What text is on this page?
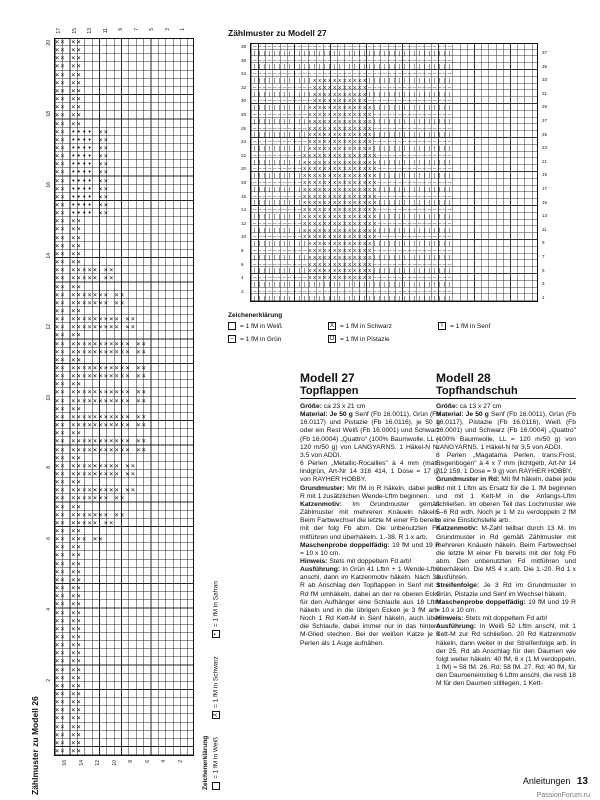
17 15 13 11 9 7 5 3 1
20
18
16
14
12
10
8
6
4
2
×× ××
×× ××
×× ××
×× ××
×× ××
×× ××
×× ××
×× ××
×× ××
×× ××
×× ××
×× •••• ××
×× •••• ××
×× •••• ××
×× •••• ××
×× •••• ××
×× •••• ××
×× •••• ××
×× •••• ××
×× •••• ××
×× •••• ××
×× •••• ××
×× ××
×× ××
×× ××
×× ××
×× ××
×× ××
×× ××××× ××
×× ××××× ××
×× ××
×× ××××××× ××
×× ××××××× ××
×× ××
×× ××××××××× ××
×× ××××××××× ××
×× ××
×× ××××××××××× ××
×× ××××××××××× ××
×× ××
×× ××××××××××× ××
×× ××××××××××× ××
×× ××
×× ××××××××××× ××
×× ××××××××××× ××
×× ××
×× ××××××××××× ××
×× ××××××××××× ××
×× ××
×× ××××××××××× ××
×× ××××××××××× ××
×× ××
×× ××××××××× ××
×× ××××××××× ××
×× ××
×× ××××××××× ××
×× ××××××× ××
×× ××
×× ××××××× ××
×× ××××× ××
×× ××
×× ××× ××
×× ××
×× ××
×× ××
×× ××
×× ××
×× ××
×× ××
×× ××
×× ××
×× ××
×× ××
×× ××
×× ××
×× ××
×× ××
×× ××
×× ××
×× ××
×× ××
×× ××
×× ××
×× ××
×× ××
×× ××
×× ××
×× ××
16 14 12 10 8 6 4 2
Zählmuster zu Modell 26	Zeichenerklärung = 1 fM in Weiß
X= 1 fM in Schwarz
•= 1 fM in Safran
Zählmuster zu Modell 27
38
36
34
32
30
28
26
24
22
20
18
16
14
12
10
8
6
4
2
––––––––––––––––––––––––––––––––––––––––
||||||||||||||||||||||||||||||||||||||||
––––––––––––––––––––––––––––––––––––––––
||||||||||||||||||||||||||||||||||||||||
––––––––––––––––––––––––––––––––––––––––
||||||||||||xxxxxxxxxxx|||||||||||||||||
––––––––––––xxxxxxxxxxx–––––––––––––––––
||||||||||||xxxxxxxxxxx|||||||||||||||||
––––––––––––xxxxxxxxxxx–––––––––––––––––
|||||||||||xxxxxxxxxxxxx||||||||||||||||
–––––––––––xxxxxxxxxxxxx––––––––––––––––
|||||||||||xxxxxxxxxxxxx||||||||||||||||
–––––––––––xxxxxxxxxxxxx––––––––––––––––
|||||||||||xxxxxxxxxxxxx||||||||||||||||
–––––––––––xxxxxxxxxxxxx––––––––––––––––
|||||||||||xxxxxxxxxxxxx||||||||||||||||
––––––––––xxxxxxxxxxxxxxx–––––––––––––––
||||||||||xxxxxxxxxxxxxxx|||||||||||||||
––––––––––xxxxxxxxxxxxxxx–––––––––––––––
||||||||||xxxxxxxxxxxxxxx|||||||||||||||
––––––––––xxxxxxxxxxxxxxx–––––––––––––––
||||||||||xxxxxxxxxxxxxxx|||||||||||||||
––––––––––xxxxxxxxxxxxxxx–––––––––––––––
||||||||||xxxxxxxxxxxxxxx|||||||||||||||
––––––––––xxxxxxxxxxxxxxx–––––––––––––––
||||||||||xxxxxxxxxxxxxxx|||||||||||||||
––––––––––xxxxxxxxxxxxxxx–––––––––––––––
||||||||||xxxxxxxxxxxxxxx|||||||||||||||
––––––––––xxxxxxxxxxxxxxx–––––––––––––––
|||||||||||xxxxxxxxxxxxx||||||||||||||||
–––––––––––xxxxxxxxxxxxx––––––––––––––––
|||||||||||xxxxxxxxxxxxx||||||||||||||||
–––––––––––xxxxxxxxxxxxx––––––––––––––––
|||||||||||xxxxxxxxxxxxx||||||||||||||||
–––––––––––xxxxxxxxxxxxx––––––––––––––––
||||||||||||||||||||||||||||||||||||||||
––––––––––––––––––––––––––––––––––––––––
||||||||||||||||||||||||||||||||||||||||
37
35
33
31
29
27
25
23
21
19
17
15
13
11
9
7
5
3
1
Zeichenerklärung
= 1 fM in Weiß	X = 1 fM in Schwarz	I	= 1 fM in Senf
– = 1 fM in Grün	O = 1 fM in Pistazie
Modell 27
Topflappen

Größe: ca 23 x 21 cm

Material: Je 50 g Senf (Fb 16.0011), Grün (Fb 16.0117) und Pistazie (Fb 16.0116), je 50 g oder ein Rest Weiß (Fb 16.0001) und Schwarz (Fb 16.0004) „Quattro" (100% Baumwolle, LL = 120 m/50 g) von LANGYARNS. 1 Häkel-N Nr 3,5 von ADDI.

6 Perlen „Metallic-Rocailles" à 4 mm (matt, lindgrün, Art-Nr 14 316 414, 1 Dose = 17 g) von RAYHER HOBBY.

Grundmuster: Mit fM in R häkeln, dabei jede R mit 1 zusätzlichen Wende-Lftm beginnen.

Katzenmotiv: Im Grundmuster gemäß Zählmuster mit mehreren Knäueln häkeln. Beim Farbwechsel die letzte M einer Fb bereits mit der folg Fb abm. Die unbenutzten Fd mitführen und überhäkeln. 1.-38. R 1 x arb.

Maschenprobe doppelfädig: 19 fM und 19 R = 10 x 10 cm.

Hinweis: Stets mit doppeltem Fd arb!

Ausführung: In Grün 41 Lftm + 1 Wende-Lftm anschl, dann im Katzenmotiv häkeln. Nach 38 R ab Anschlag den Topflappen in Senf mit 1 Rd fM umhäkeln, dabei an der re oberen Ecke für den Aufhänger eine Schlaufe aus 18 Lftm häkeln und in die übrigen Ecken je 3 fM arb. Noch 1 Rd Kett-M in Senf häkeln, auch über die Schlaufe, dabei immer nur in das hintere M-Glied stechen. Bei der weißen Katze je 3 Perlen als 1 Auge aufnähen.

Modell 28
Topfhandschuh

Größe: ca 13 x 27 cm

Material: Je 50 g Senf (Fb 16.0011), Grün (Fb 16.0117), Pistazie (Fb 16.0116), Weiß (Fb 16.0001) und Schwarz (Fb 16.0004) „Quattro" (100% Baumwolle, LL = 120 m/50 g) von LANGYARNS. 1 Häkel-N Nr 3,5 von ADDI.

8 Perlen „Magatama Perlen, trans.Frost, Regenbogen" à 4 x 7 mm (lichtgelb, Art-Nr 14 712 159, 1 Dose = 9 g) von RAYHER HOBBY.

Grundmuster in Rd: Mit fM häkeln, dabei jede Rd mit 1 Lftm als Ersatz für die 1. fM beginnen und mit 1 Kett-M in die Anfangs-Lftm schließen. Im oberen Teil das Lochmuster wie 5–6 Rd wdh. Noch je 1 M zu verdoppeln 2 fM in eine Einstichstelle arb.

Katzenmotiv: M-Zahl teilbar durch 13 M. Im Grundmuster in Rd gemäß Zählmuster mit mehreren Knäueln häkeln. Beim Farbwechsel die letzte M einer Fb bereits mit der folg Fb abm. Den unbenutzten Fd mitführen und überhäkeln. Die MS 4 x arb. Die 1.-20. Rd 1 x ausführen.

Streifenfolge: Je 3 Rd im Grundmuster in Grün, Pistazie und Senf im Wechsel häkeln.

Maschenprobe doppelfädig: 19 fM und 19 R = 10 x 10 cm.

Hinweis: Stets mit doppeltem Fd arb!

Ausführung: In Weiß 52 Lftm anschl, mit 1 Kett-M zur Rd schließen. 20 Rd Katzenmotiv häkeln, dann weiter in der Streifenfolge arb. In der 25. Rd ab Anschlag für den Daumen wie folgt weiter häkeln: 40 fM, 6 x (1 M verdoppeln, 1 fM) = 58 fM. 26. Rd: 58 fM. 27. Rd: 40 fM, für den Daumeneinstieg 6 Lftm anschl, die restl 18 M für den Daumen stilllegen, 1 Kett-

Anleitungen 13
PassionForum.ru
